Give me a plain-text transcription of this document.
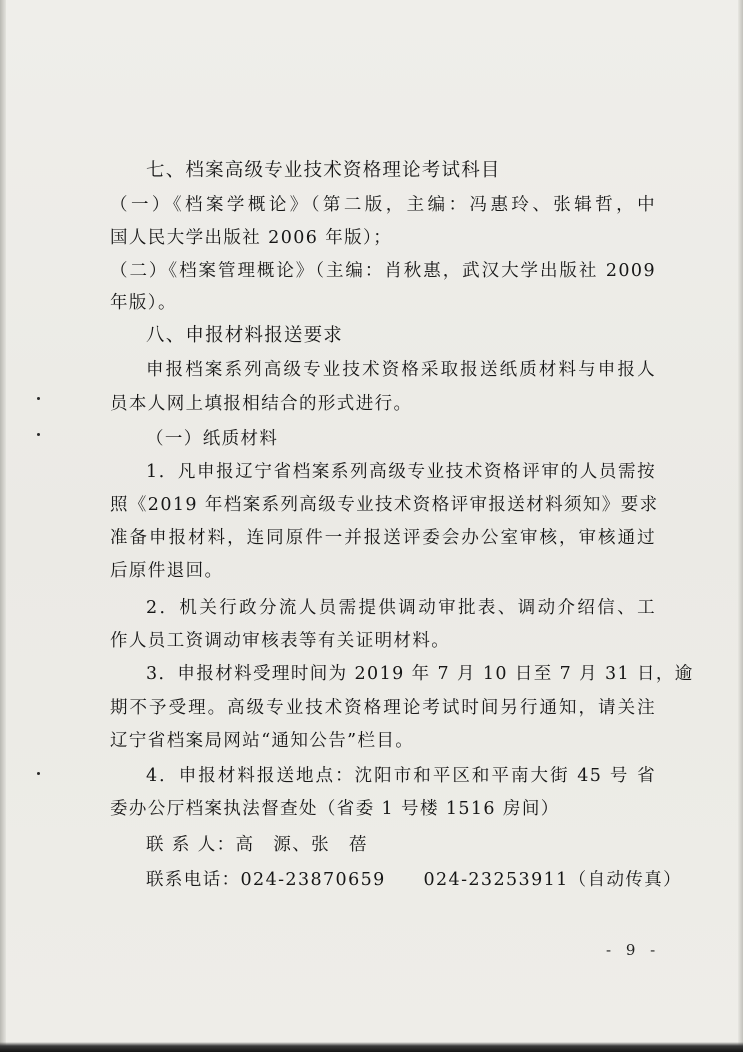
七、档案高级专业技术资格理论考试科目
（一）《档案学概论》（第二版，主编：冯惠玲、张辑哲，中
国人民大学出版社 2006 年版）；
（二）《档案管理概论》（主编：肖秋惠，武汉大学出版社 2009
年版）。
八、申报材料报送要求
申报档案系列高级专业技术资格采取报送纸质材料与申报人
员本人网上填报相结合的形式进行。
（一）纸质材料
1．凡申报辽宁省档案系列高级专业技术资格评审的人员需按
照《2019 年档案系列高级专业技术资格评审报送材料须知》要求
准备申报材料，连同原件一并报送评委会办公室审核，审核通过
后原件退回。
2．机关行政分流人员需提供调动审批表、调动介绍信、工
作人员工资调动审核表等有关证明材料。
3．申报材料受理时间为 2019 年 7 月 10 日至 7 月 31 日，逾
期不予受理。高级专业技术资格理论考试时间另行通知，请关注
辽宁省档案局网站“通知公告”栏目。
4．申报材料报送地点：沈阳市和平区和平南大街 45 号 省
委办公厅档案执法督查处（省委 1 号楼 1516 房间）
联 系 人：高　源、张　蓓
联系电话：024-23870659　　024-23253911（自动传真）
- 9 -
